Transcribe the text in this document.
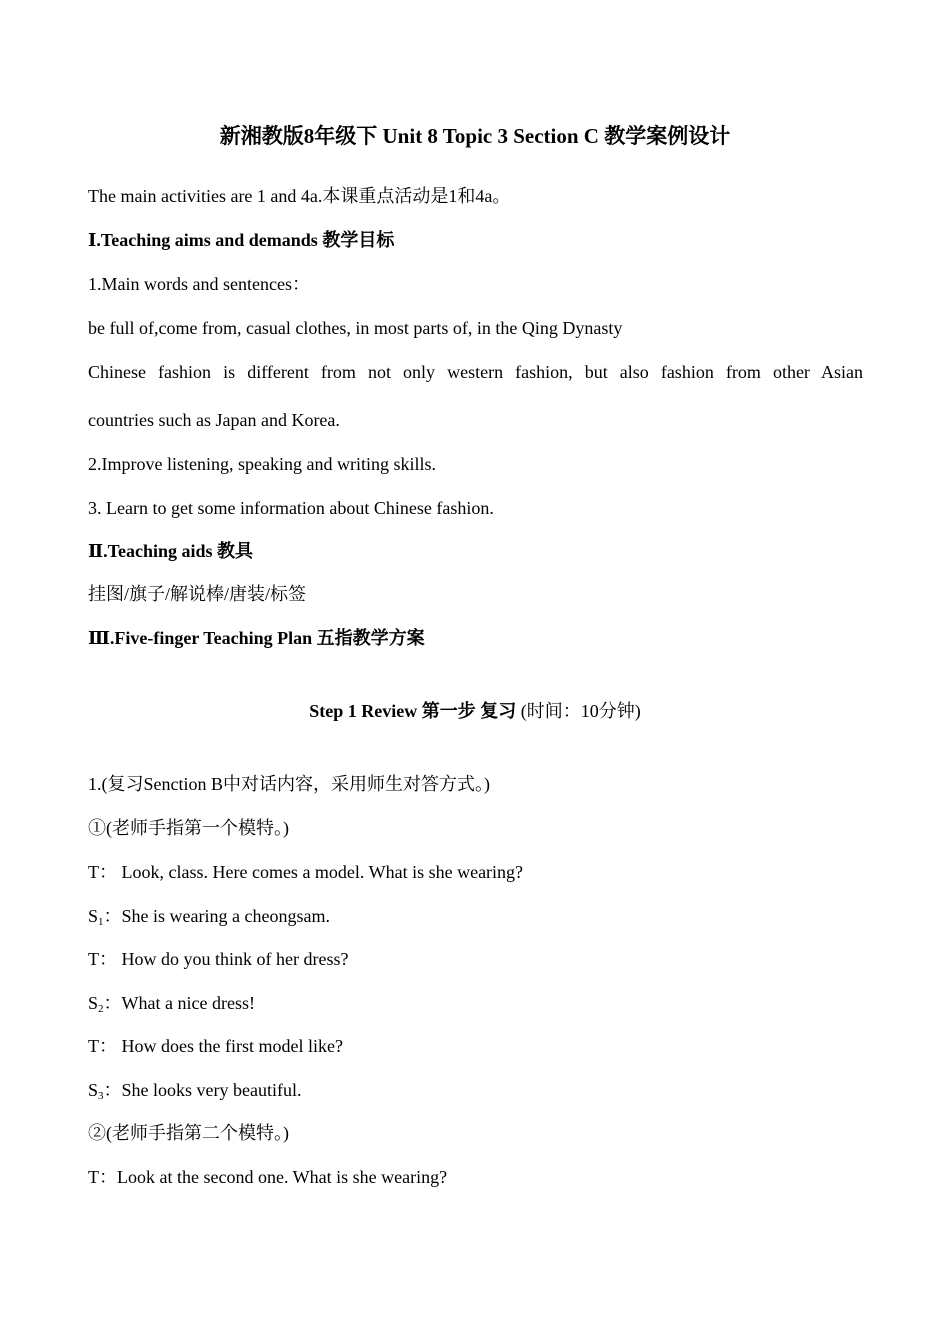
新湘教版8年级下 Unit 8 Topic 3 Section C 教学案例设计
The main activities are 1 and 4a.本课重点活动是1和4a。
Ⅰ.Teaching aims and demands 教学目标
1.Main words and sentences：
be full of,come from, casual clothes, in most parts of, in the Qing Dynasty
Chinese fashion is different from not only western fashion, but also fashion from other Asian
countries such as Japan and Korea.
2.Improve listening, speaking and writing skills.
3. Learn to get some information about Chinese fashion.
Ⅱ.Teaching aids 教具
挂图/旗子/解说棒/唐装/标签
Ⅲ.Five-finger Teaching Plan 五指教学方案
Step 1 Review 第一步 复习 (时间：10分钟)
1.(复习Senction B中对话内容，采用师生对答方式。)
①(老师手指第一个模特。)
T： Look, class. Here comes a model. What is she wearing?
$S_1$：She is wearing a cheongsam.
T： How do you think of her dress?
$S_2$：What a nice dress!
T： How does the first model like?
$S_3$：She looks very beautiful.
②(老师手指第二个模特。)
T：Look at the second one. What is she wearing?
